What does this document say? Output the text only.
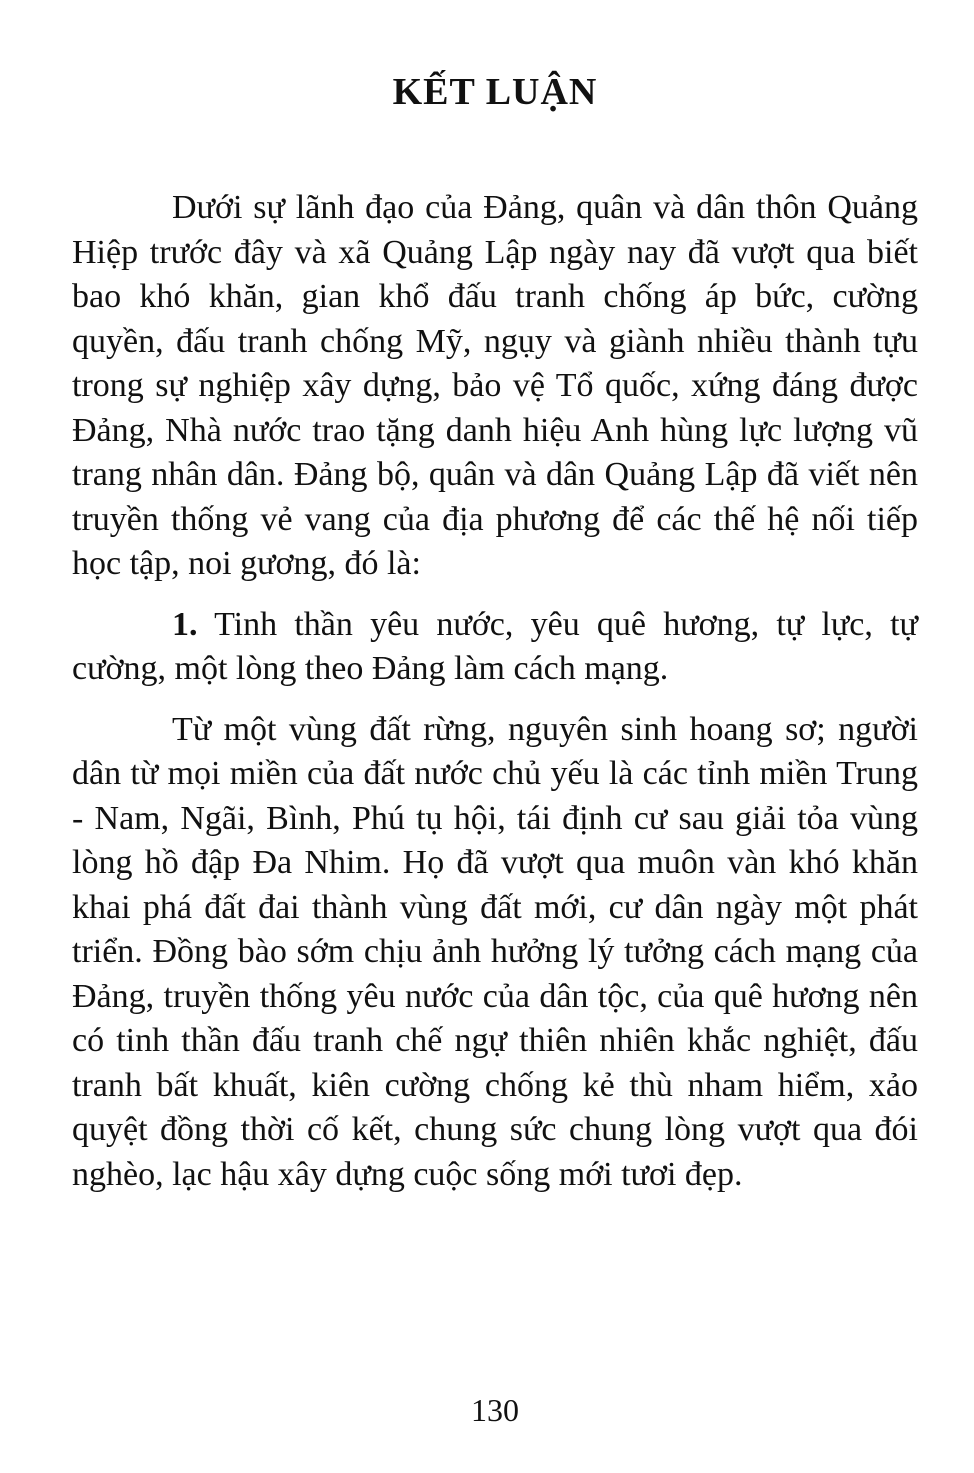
KẾT LUẬN

Dưới sự lãnh đạo của Đảng, quân và dân thôn Quảng Hiệp trước đây và xã Quảng Lập ngày nay đã vượt qua biết bao khó khăn, gian khổ đấu tranh chống áp bức, cường quyền, đấu tranh chống Mỹ, ngụy và giành nhiều thành tựu trong sự nghiệp xây dựng, bảo vệ Tổ quốc, xứng đáng được Đảng, Nhà nước trao tặng danh hiệu Anh hùng lực lượng vũ trang nhân dân. Đảng bộ, quân và dân Quảng Lập đã viết nên truyền thống vẻ vang của địa phương để các thế hệ nối tiếp học tập, noi gương, đó là:

1. Tinh thần yêu nước, yêu quê hương, tự lực, tự cường, một lòng theo Đảng làm cách mạng.

Từ một vùng đất rừng, nguyên sinh hoang sơ; người dân từ mọi miền của đất nước chủ yếu là các tỉnh miền Trung - Nam, Ngãi, Bình, Phú tụ hội, tái định cư sau giải tỏa vùng lòng hồ đập Đa Nhim. Họ đã vượt qua muôn vàn khó khăn khai phá đất đai thành vùng đất mới, cư dân ngày một phát triển. Đồng bào sớm chịu ảnh hưởng lý tưởng cách mạng của Đảng, truyền thống yêu nước của dân tộc, của quê hương nên có tinh thần đấu tranh chế ngự thiên nhiên khắc nghiệt, đấu tranh bất khuất, kiên cường chống kẻ thù nham hiểm, xảo quyệt đồng thời cố kết, chung sức chung lòng vượt qua đói nghèo, lạc hậu xây dựng cuộc sống mới tươi đẹp.

130
